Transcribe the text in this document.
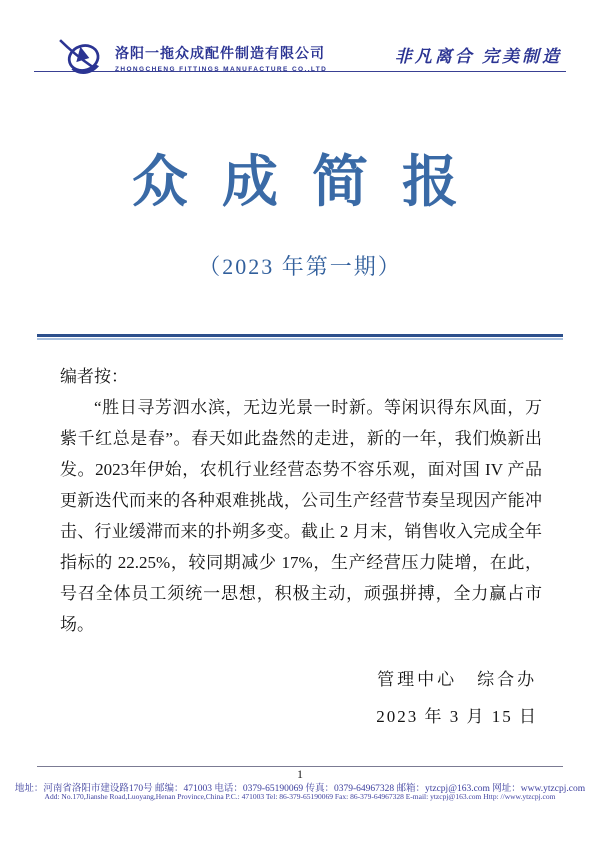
洛阳一拖众成配件制造有限公司
ZHONGCHENG FITTINGS MANUFACTURE CO.,LTD
非凡离合 完美制造
众 成 简 报
（2023 年第一期）
编者按：
“胜日寻芳泗水滨，无边光景一时新。等闲识得东风面，万紫千红总是春”。春天如此盎然的走进，新的一年，我们焕新出发。2023年伊始，农机行业经营态势不容乐观，面对国 IV 产品更新迭代而来的各种艰难挑战，公司生产经营节奏呈现因产能冲击、行业缓滞而来的扑朔多变。截止 2 月末，销售收入完成全年指标的 22.25%，较同期减少 17%，生产经营压力陡增，在此，号召全体员工须统一思想，积极主动，顽强拼搏，全力赢占市场。
管理中心　综合办
2023 年 3 月 15 日
1
地址：河南省洛阳市建设路170号 邮编：471003 电话：0379-65190069 传真：0379-64967328 邮箱：ytzcpj@163.com 网址：www.ytzcpj.com
Add: No.170,Jianshe Road,Luoyang,Henan Province,China P.C.: 471003 Tel: 86-379-65190069 Fax: 86-379-64967328 E-mail: ytzcpj@163.com Http: //www.ytzcpj.com
